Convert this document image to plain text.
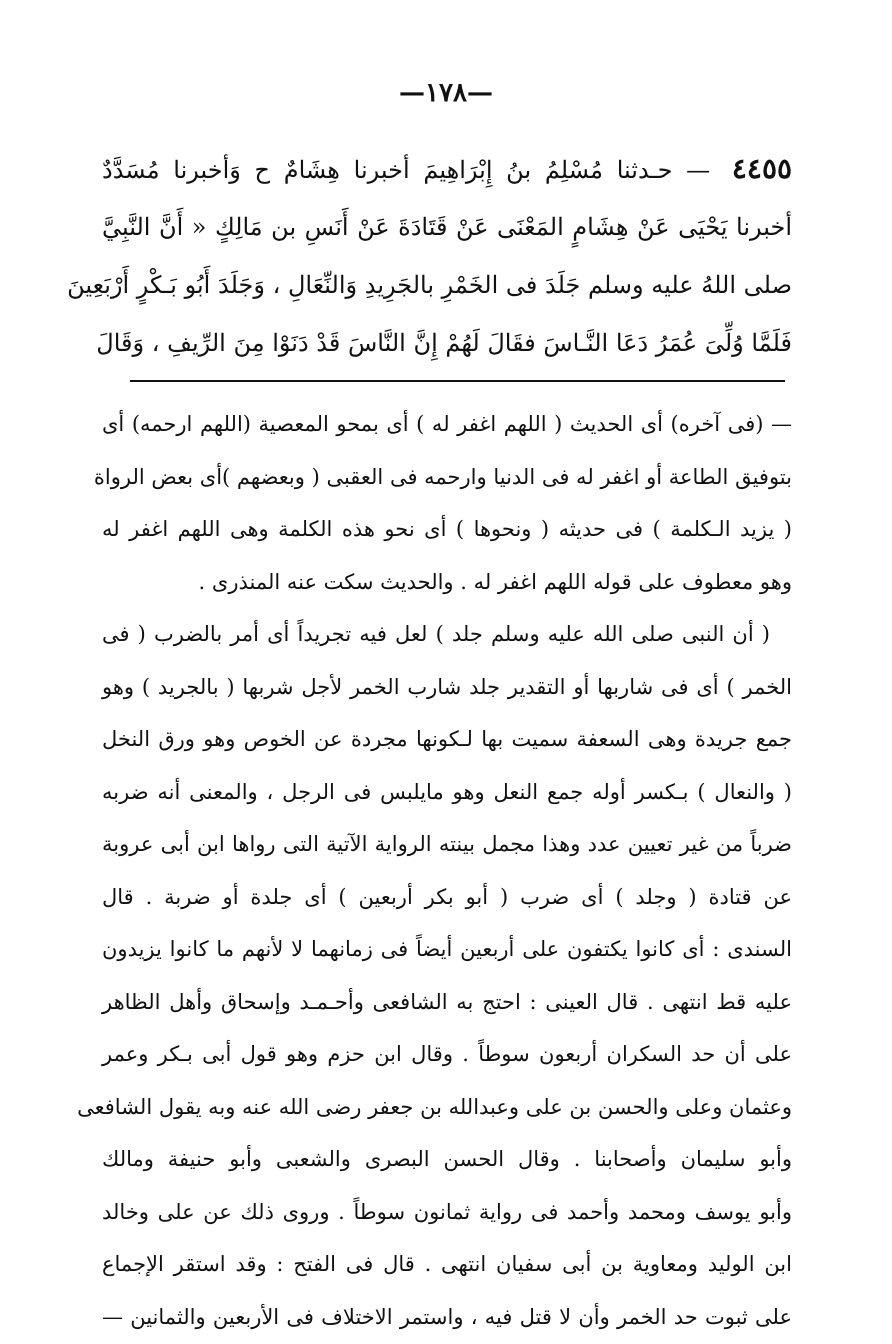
—١٧٨—
٤٤٥٥ — حـدثنا مُسْلِمُ بنُ إِبْرَاهِيمَ أخبرنا هِشَامٌ ح وَأخبرنا مُسَدَّدٌ
أخبرنا يَحْيَى عَنْ هِشَامٍ المَعْنَى عَنْ قَتَادَةَ عَنْ أَنَسِ بن مَالِكٍ « أَنَّ النَّبِيَّ
صلى اللهُ عليه وسلم جَلَدَ فى الخَمْرِ بالجَرِيدِ وَالنِّعَالِ ، وَجَلَدَ أَبُو بَـكْرٍ أَرْبَعِينَ
فَلَمَّا وُلِّىَ عُمَرُ دَعَا النَّـاسَ فقَالَ لَهُمْ إِنَّ النَّاسَ قَدْ دَنَوْا مِنَ الرِّيفِ ، وَقَالَ
— (فى آخره) أى الحديث ( اللهم اغفر له ) أى بمحو المعصية (اللهم ارحمه) أى
بتوفيق الطاعة أو اغفر له فى الدنيا وارحمه فى العقبى ( وبعضهم )أى بعض الرواة
( يزيد الـكلمة ) فى حديثه ( ونحوها ) أى نحو هذه الكلمة وهى اللهم اغفر له
وهو معطوف على قوله اللهم اغفر له . والحديث سكت عنه المنذرى .
( أن النبى صلى الله عليه وسلم جلد ) لعل فيه تجريداً أى أمر بالضرب ( فى
الخمر ) أى فى شاربها أو التقدير جلد شارب الخمر لأجل شربها ( بالجريد ) وهو
جمع جريدة وهى السعفة سميت بها لـكونها مجردة عن الخوص وهو ورق النخل
( والنعال ) بـكسر أوله جمع النعل وهو مايلبس فى الرجل ، والمعنى أنه ضربه
ضرباً من غير تعيين عدد وهذا مجمل بينته الرواية الآتية التى رواها ابن أبى عروبة
عن قتادة ( وجلد ) أى ضرب ( أبو بكر أربعين ) أى جلدة أو ضربة . قال
السندى : أى كانوا يكتفون على أربعين أيضاً فى زمانهما لا لأنهم ما كانوا يزيدون
عليه قط انتهى . قال العينى : احتج به الشافعى وأحـمـد وإسحاق وأهل الظاهر
على أن حد السكران أربعون سوطاً . وقال ابن حزم وهو قول أبى بـكر وعمر
وعثمان وعلى والحسن بن على وعبدالله بن جعفر رضى الله عنه وبه يقول الشافعى
وأبو سليمان وأصحابنا . وقال الحسن البصرى والشعبى وأبو حنيفة ومالك
وأبو يوسف ومحمد وأحمد فى رواية ثمانون سوطاً . وروى ذلك عن على وخالد
ابن الوليد ومعاوية بن أبى سفيان انتهى . قال فى الفتح : وقد استقر الإجماع
على ثبوت حد الخمر وأن لا قتل فيه ، واستمر الاختلاف فى الأربعين والثمانين —
